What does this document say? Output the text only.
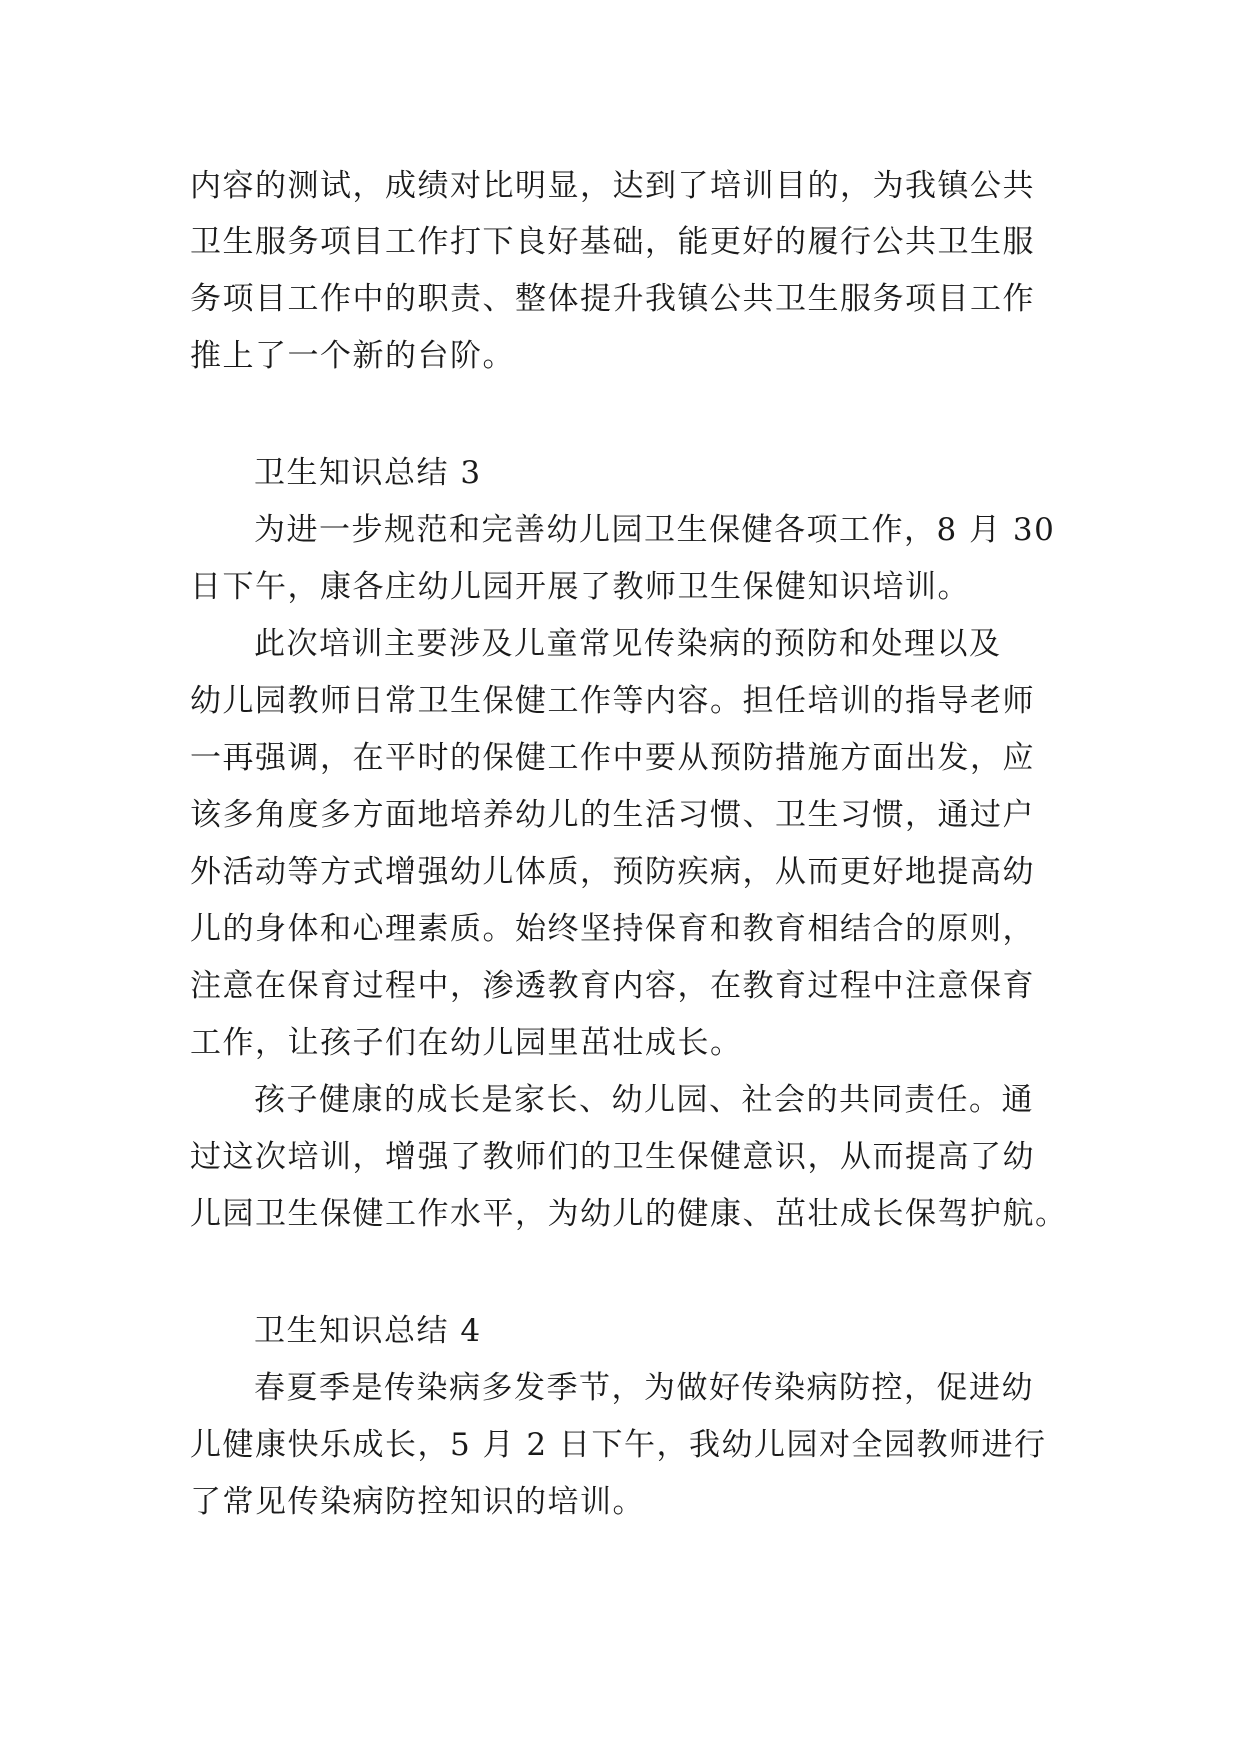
内容的测试，成绩对比明显，达到了培训目的，为我镇公共
卫生服务项目工作打下良好基础，能更好的履行公共卫生服
务项目工作中的职责、整体提升我镇公共卫生服务项目工作
推上了一个新的台阶。
卫生知识总结 3
为进一步规范和完善幼儿园卫生保健各项工作，8 月 30
日下午，康各庄幼儿园开展了教师卫生保健知识培训。
此次培训主要涉及儿童常见传染病的预防和处理以及
幼儿园教师日常卫生保健工作等内容。担任培训的指导老师
一再强调，在平时的保健工作中要从预防措施方面出发，应
该多角度多方面地培养幼儿的生活习惯、卫生习惯，通过户
外活动等方式增强幼儿体质，预防疾病，从而更好地提高幼
儿的身体和心理素质。始终坚持保育和教育相结合的原则，
注意在保育过程中，渗透教育内容，在教育过程中注意保育
工作，让孩子们在幼儿园里茁壮成长。
孩子健康的成长是家长、幼儿园、社会的共同责任。通
过这次培训，增强了教师们的卫生保健意识，从而提高了幼
儿园卫生保健工作水平，为幼儿的健康、茁壮成长保驾护航。
卫生知识总结 4
春夏季是传染病多发季节，为做好传染病防控，促进幼
儿健康快乐成长，5 月 2 日下午，我幼儿园对全园教师进行
了常见传染病防控知识的培训。
